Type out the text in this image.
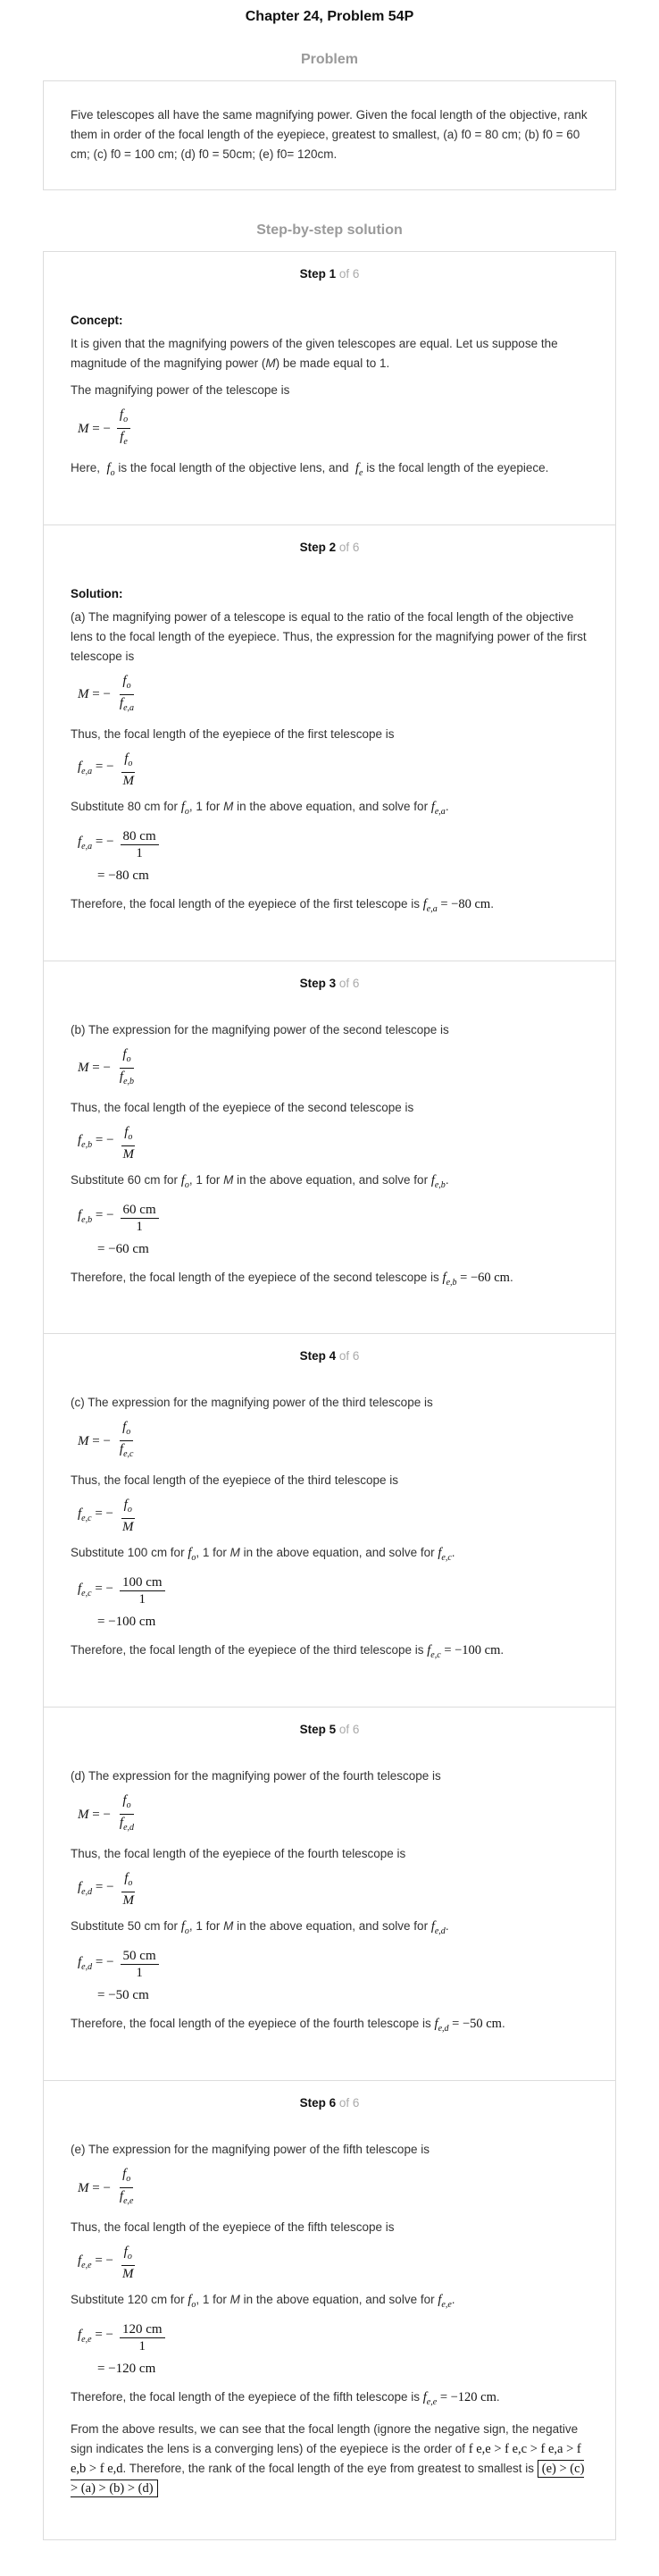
Chapter 24, Problem 54P
Problem

Five telescopes all have the same magnifying power. Given the focal length of the objective, rank them in order of the focal length of the eyepiece, greatest to smallest, (a) f0 = 80 cm; (b) f0 = 60 cm; (c) f0 = 100 cm; (d) f0 = 50cm; (e) f0= 120cm.

Step-by-step solution
Step 1 of 6

Concept:

It is given that the magnifying powers of the given telescopes are equal. Let us suppose the magnitude of the magnifying power (M) be made equal to 1.

The magnifying power of the telescope is

M = − $\frac{f_o}{f_e}$

Here, $f_o$ is the focal length of the objective lens, and $f_e$ is the focal length of the eyepiece.

Step 2 of 6

Solution:

(a) The magnifying power of a telescope is equal to the ratio of the focal length of the objective lens to the focal length of the eyepiece. Thus, the expression for the magnifying power of the first telescope is

M = − $\frac{f_o}{f_{e,a}}$

Thus, the focal length of the eyepiece of the first telescope is

$f_{e,a}$ = − $\frac{f_o}{M}$

Substitute 80 cm for $f_o$, 1 for M in the above equation, and solve for $f_{e,a}$.

$f_{e,a}$ = − $\frac{80 cm}{1}$
= −80 cm

Therefore, the focal length of the eyepiece of the first telescope is $f_{e,a} = -80$ cm.

Step 3 of 6

(b) The expression for the magnifying power of the second telescope is

M = − $\frac{f_o}{f_{e,b}}$

Thus, the focal length of the eyepiece of the second telescope is

$f_{e,b}$ = − $\frac{f_o}{M}$

Substitute 60 cm for $f_o$, 1 for M in the above equation, and solve for $f_{e,b}$.

$f_{e,b}$ = − $\frac{60 cm}{1}$
= −60 cm

Therefore, the focal length of the eyepiece of the second telescope is $f_{e,b} = -60$ cm.

Step 4 of 6

(c) The expression for the magnifying power of the third telescope is

M = − $\frac{f_o}{f_{e,c}}$

Thus, the focal length of the eyepiece of the third telescope is

$f_{e,c}$ = − $\frac{f_o}{M}$

Substitute 100 cm for $f_o$, 1 for M in the above equation, and solve for $f_{e,c}$.

$f_{e,c}$ = − $\frac{100 cm}{1}$
= −100 cm

Therefore, the focal length of the eyepiece of the third telescope is $f_{e,c} = -100$ cm.

Step 5 of 6

(d) The expression for the magnifying power of the fourth telescope is

M = − $\frac{f_o}{f_{e,d}}$

Thus, the focal length of the eyepiece of the fourth telescope is

$f_{e,d}$ = − $\frac{f_o}{M}$

Substitute 50 cm for $f_o$, 1 for M in the above equation, and solve for $f_{e,d}$.

$f_{e,d}$ = − $\frac{50 cm}{1}$
= −50 cm

Therefore, the focal length of the eyepiece of the fourth telescope is $f_{e,d} = -50$ cm.

Step 6 of 6

(e) The expression for the magnifying power of the fifth telescope is

M = − $\frac{f_o}{f_{e,e}}$

Thus, the focal length of the eyepiece of the fifth telescope is

$f_{e,e}$ = − $\frac{f_o}{M}$

Substitute 120 cm for $f_o$, 1 for M in the above equation, and solve for $f_{e,e}$.

$f_{e,e}$ = − $\frac{120 cm}{1}$
= −120 cm

Therefore, the focal length of the eyepiece of the fifth telescope is $f_{e,e} = -120$ cm.

From the above results, we can see that the focal length (ignore the negative sign, the negative sign indicates the lens is a converging lens) of the eyepiece is the order of f e,e > f e,c > f e,a > f e,b > f e,d. Therefore, the rank of the focal length of the eye from greatest to smallest is (e) > (c) > (a) > (b) > (d)
